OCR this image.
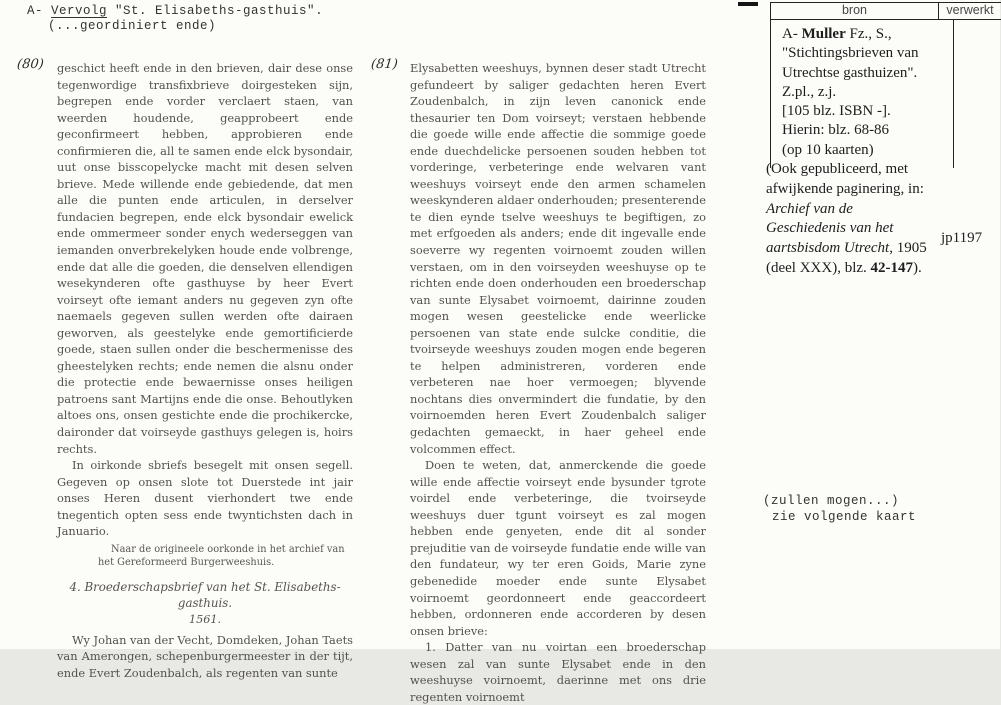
A- Vervolg "St. Elisabeths-gasthuis".
(...geordiniert ende)
(80)	(81)

geschict heeft ende in den brieven, dair dese onse tegenwordige transfixbrieve doirgesteken sijn, begrepen ende vorder verclaert staen, van weerden houdende, geapprobeert ende geconfirmeert hebben, approbieren ende confirmieren die, all te samen ende elck bysondair, uut onse bisscopelycke macht mit desen selven brieve. Mede willende ende gebiedende, dat men alle die punten ende articulen, in derselver fundacien begrepen, ende elck bysondair ewelick ende ommermeer sonder enych wederseggen van iemanden onverbrekelyken houde ende volbrenge, ende dat alle die goeden, die denselven ellendigen wesekynderen ofte gasthuyse by heer Evert voirseyt ofte iemant anders nu gegeven zyn ofte naemaels gegeven sullen werden ofte dairaen geworven, als geestelyke ende gemortificierde goede, staen sullen onder die beschermenisse des gheestelyken rechts; ende nemen die alsnu onder die protectie ende bewaernisse onses heiligen patroens sant Martijns ende die onse. Behoutlyken altoes ons, onsen gestichte ende die prochikercke, daironder dat voirseyde gasthuys gelegen is, hoirs rechts.

In oirkonde sbriefs besegelt mit onsen segell. Gegeven op onsen slote tot Duerstede int jair onses Heren dusent vierhondert twe ende tnegentich opten sess ende twyntichsten dach in Januario.

Naar de origineele oorkonde in het archief van het Gereformeerd Burgerweeshuis.
4. Broederschapsbrief van het St. Elisabeths-gasthuis.
1561.

Wy Johan van der Vecht, Domdeken, Johan Taets van Amerongen, schepenburgermeester in der tijt, ende Evert Zoudenbalch, als regenten van sunte

Elysabetten weeshuys, bynnen deser stadt Utrecht gefundeert by saliger gedachten heren Evert Zoudenbalch, in zijn leven canonick ende thesaurier ten Dom voirseyt; verstaen hebbende die goede wille ende affectie die sommige goede ende duechdelicke persoenen souden hebben tot vorderinge, verbeteringe ende welvaren vant weeshuys voirseyt ende den armen schamelen weeskynderen aldaer onderhouden; presenterende te dien eynde tselve weeshuys te begiftigen, zo met erfgoeden als anders; ende dit ingevalle ende soeverre wy regenten voirnoemt zouden willen verstaen, om in den voirseyden weeshuyse op te richten ende doen onderhouden een broederschap van sunte Elysabet voirnoemt, dairinne zouden mogen wesen geestelicke ende weerlicke persoenen van state ende sulcke conditie, die tvoirseyde weeshuys zouden mogen ende begeren te helpen administreren, vorderen ende verbeteren nae hoer vermoegen; blyvende nochtans dies onvermindert die fundatie, by den voirnoemden heren Evert Zoudenbalch saliger gedachten gemaeckt, in haer geheel ende volcommen effect.

Doen te weten, dat, anmerckende die goede wille ende affectie voirseyt ende bysunder tgrote voirdel ende verbeteringe, die tvoirseyde weeshuys duer tgunt voirseyt es zal mogen hebben ende genyeten, ende dit al sonder prejuditie van de voirseyde fundatie ende wille van den fundateur, wy ter eren Goids, Marie zyne gebenedide moeder ende sunte Elysabet voirnoemt geordonneert ende geaccordeert hebben, ordonneren ende accorderen by desen onsen brieve:

1. Datter van nu voirtan een broederschap wesen zal van sunte Elysabet ende in den weeshuyse voirnoemt, daerinne met ons drie regenten voirnoemt

bron	verwerkt
A- Muller Fz., S.,
"Stichtingsbrieven van
Utrechtse gasthuizen".
Z.pl., z.j.
[105 blz. ISBN -].
Hierin: blz. 68-86
(op 10 kaarten)
(Ook gepubliceerd, met afwijkende paginering, in: Archief van de Geschiedenis van het aartsbisdom Utrecht, 1905 (deel XXX), blz. 42-147).
jp1197
(zullen mogen...)
zie volgende kaart
